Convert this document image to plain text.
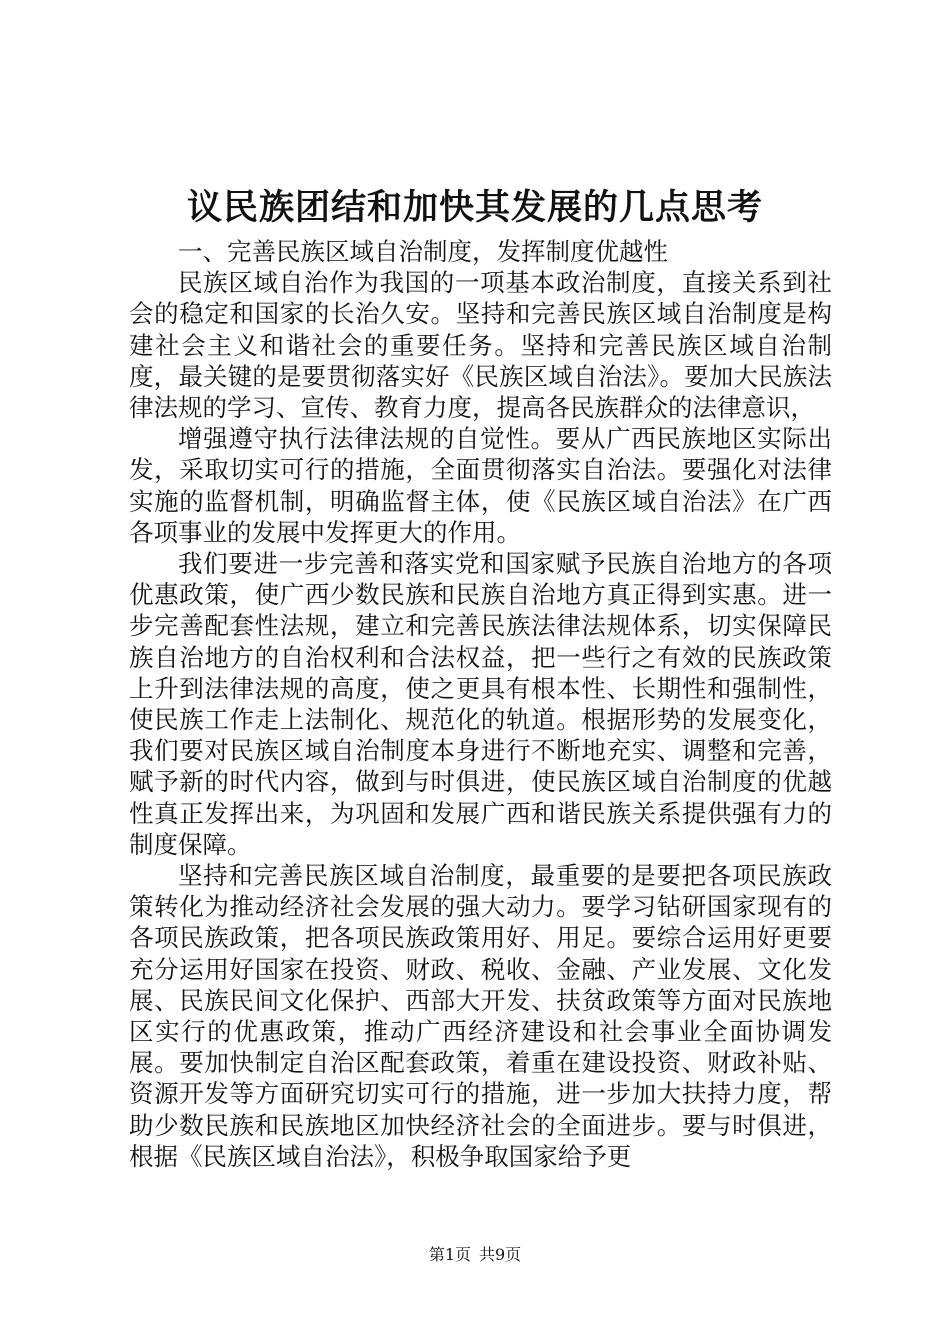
议民族团结和加快其发展的几点思考

一、完善民族区域自治制度，发挥制度优越性

民族区域自治作为我国的一项基本政治制度，直接关系到社会的稳定和国家的长治久安。坚持和完善民族区域自治制度是构建社会主义和谐社会的重要任务。坚持和完善民族区域自治制度，最关键的是要贯彻落实好《民族区域自治法》。要加大民族法律法规的学习、宣传、教育力度，提高各民族群众的法律意识，

增强遵守执行法律法规的自觉性。要从广西民族地区实际出发，采取切实可行的措施，全面贯彻落实自治法。要强化对法律实施的监督机制，明确监督主体，使《民族区域自治法》在广西各项事业的发展中发挥更大的作用。

我们要进一步完善和落实党和国家赋予民族自治地方的各项优惠政策，使广西少数民族和民族自治地方真正得到实惠。进一步完善配套性法规，建立和完善民族法律法规体系，切实保障民族自治地方的自治权利和合法权益，把一些行之有效的民族政策上升到法律法规的高度，使之更具有根本性、长期性和强制性，使民族工作走上法制化、规范化的轨道。根据形势的发展变化，我们要对民族区域自治制度本身进行不断地充实、调整和完善，赋予新的时代内容，做到与时俱进，使民族区域自治制度的优越性真正发挥出来，为巩固和发展广西和谐民族关系提供强有力的制度保障。

坚持和完善民族区域自治制度，最重要的是要把各项民族政策转化为推动经济社会发展的强大动力。要学习钻研国家现有的各项民族政策，把各项民族政策用好、用足。要综合运用好更要充分运用好国家在投资、财政、税收、金融、产业发展、文化发展、民族民间文化保护、西部大开发、扶贫政策等方面对民族地区实行的优惠政策，推动广西经济建设和社会事业全面协调发展。要加快制定自治区配套政策，着重在建设投资、财政补贴、资源开发等方面研究切实可行的措施，进一步加大扶持力度，帮助少数民族和民族地区加快经济社会的全面进步。要与时俱进，根据《民族区域自治法》，积极争取国家给予更

第1页 共9页
